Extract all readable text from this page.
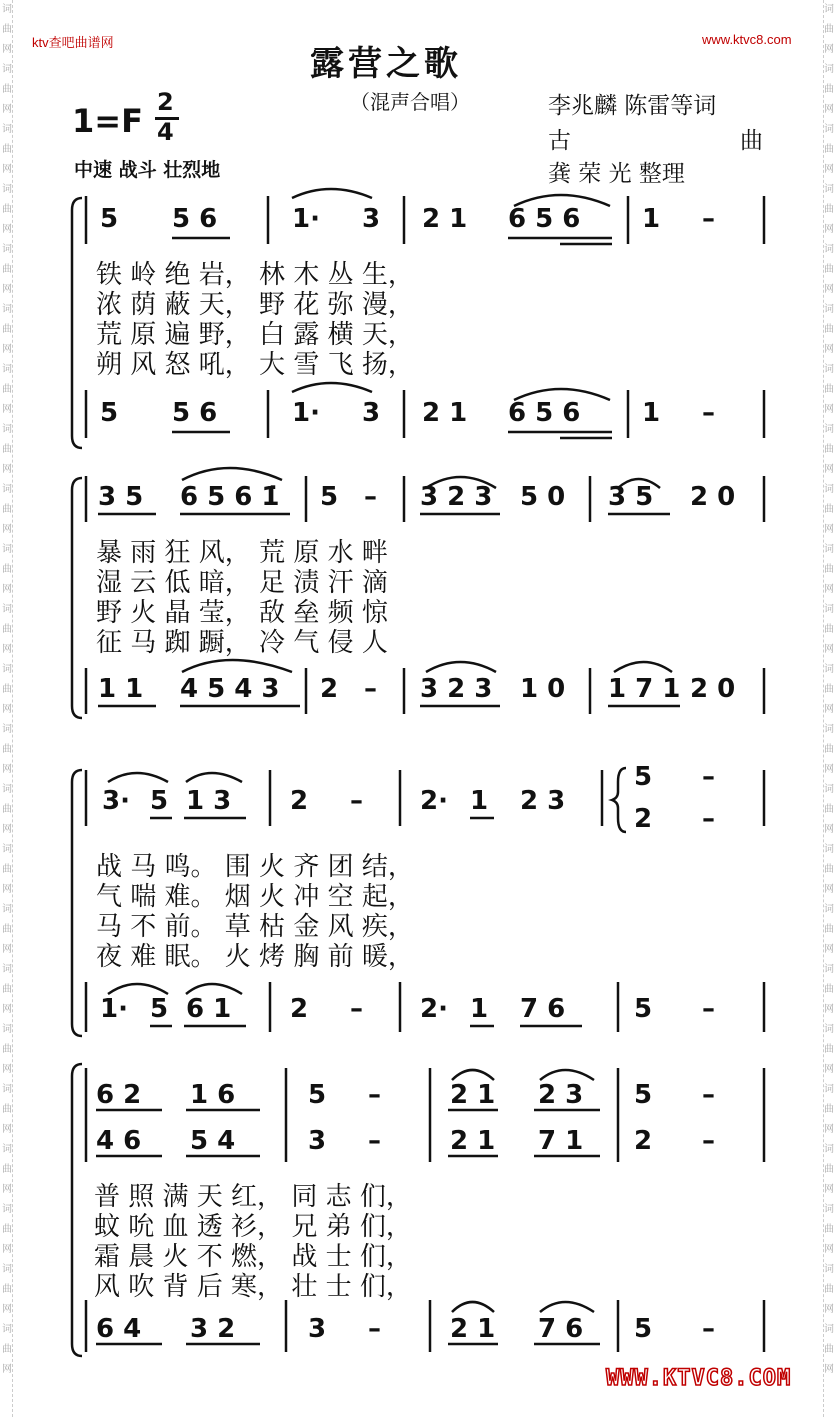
词曲网词曲网词曲网词曲网词曲网词曲网词曲网词曲网词曲网词曲网词曲网词曲网词曲网词曲网词曲网词曲网词曲网词曲网词曲网词曲网词曲网词曲网词曲网
词曲网词曲网词曲网词曲网词曲网词曲网词曲网词曲网词曲网词曲网词曲网词曲网词曲网词曲网词曲网词曲网词曲网词曲网词曲网词曲网词曲网词曲网词曲网
ktv查吧曲谱网	www.ktvc8.com
露营之歌
（混声合唱）
1=F 2
4
中速 战斗 壮烈地
李兆麟 陈雷等词
古	曲
龚 荣 光 整理
5 5 6	1· 3 2 1 6 5 6 1 –
铁 岭 绝 岩， 林 木 丛 生，
浓 荫 蔽 天， 野 花 弥 漫，
荒 原 遍 野， 白 露 横 天，
朔 风 怒 吼， 大 雪 飞 扬，
5 5 6	1· 3 2 1 6 5 6 1 –
3 5 6 5 6 1̇ 5 – 3 2 3 5 0 3 5 2 0
暴 雨 狂 风， 荒 原 水 畔
湿 云 低 暗， 足 渍 汗 滴
野 火 晶 莹， 敌 垒 频 惊
征 马 踟 蹰， 冷 气 侵 人
1 1 4 5 4 3 2 – 3 2 3 1 0 1 7 1 2 0
3· 5 1 3 2 – 2· 1 2 3
5 –
2 –
战 马 鸣。 围 火 齐 团 结，
气 喘 难。 烟 火 冲 空 起，
马 不 前。 草 枯 金 风 疾，
夜 难 眠。 火 烤 胸 前 暖，
1· 5 6 1 2 – 2· 1 7 6	5 –
6 2 1 6	5 –	2 1 2 3 5 –
4 6 5 4	3 –	2 1 7 1 2 –
普 照 满 天 红， 同 志 们，
蚊 吮 血 透 衫， 兄 弟 们，
霜 晨 火 不 燃， 战 士 们，
风 吹 背 后 寒， 壮 士 们，
6 4 3 2	3 –	2 1 7 6 5 –
WWW.KTVC8.COM
